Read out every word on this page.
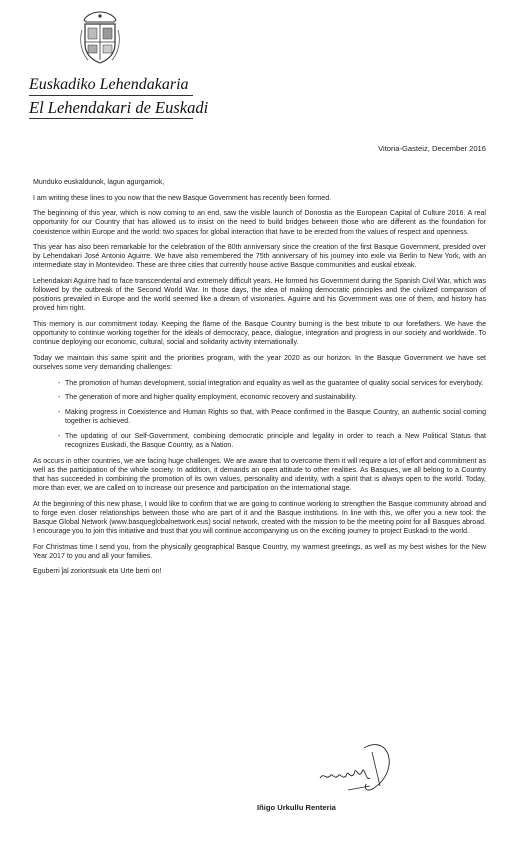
Euskadiko Lehendakaria
El Lehendakari de Euskadi
Vitoria-Gasteiz, December 2016

Munduko euskaldunok, lagun agurgarriok,

I am writing these lines to you now that the new Basque Government has recently been formed.

The beginning of this year, which is now coming to an end, saw the visible launch of Donostia as the European Capital of Culture 2016. A real opportunity for our Country that has allowed us to insist on the need to build bridges between those who are different as the foundation for coexistence within Europe and the world: two spaces for global interaction that have to be erected from the values of respect and openness.

This year has also been remarkable for the celebration of the 80th anniversary since the creation of the first Basque Government, presided over by Lehendakari José Antonio Aguirre. We have also remembered the 75th anniversary of his journey into exile via Berlin to New York, with an intermediate stay in Montevideo. These are three cities that currently house active Basque communities and euskal etxeak.

Lehendakari Aguirre had to face transcendental and extremely difficult years. He formed his Government during the Spanish Civil War, which was followed by the outbreak of the Second World War. In those days, the idea of making democratic principles and the civilized comparison of positions prevailed in Europe and the world seemed like a dream of visionaries. Aguirre and his Government was one of them, and history has proved him right.

This memory is our commitment today. Keeping the flame of the Basque Country burning is the best tribute to our forefathers. We have the opportunity to continue working together for the ideals of democracy, peace, dialogue, integration and progress in our society and worldwide. To continue deploying our economic, cultural, social and solidarity activity internationally.

Today we maintain this same spirit and the priorities program, with the year 2020 as our horizon. In the Basque Government we have set ourselves some very demanding challenges:

- The promotion of human development, social integration and equality as well as the guarantee of quality social services for everybody.
- The generation of more and higher quality employment, economic recovery and sustainability.
- Making progress in Coexistence and Human Rights so that, with Peace confirmed in the Basque Country, an authentic social coming together is achieved.
- The updating of our Self-Government, combining democratic principle and legality in order to reach a New Political Status that recognizes Euskadi, the Basque Country, as a Nation.

As occurs in other countries, we are facing huge challenges. We are aware that to overcome them it will require a lot of effort and commitment as well as the participation of the whole society. In addition, it demands an open attitude to other realities. As Basques, we all belong to a Country that has succeeded in combining the promotion of its own values, personality and identity, with a spirit that is always open to the world. Today, more than ever, we are called on to increase our presence and participation on the international stage.

At the beginning of this new phase, I would like to confirm that we are going to continue working to strengthen the Basque community abroad and to forge even closer relationships between those who are part of it and the Basque institutions. In line with this, we offer you a new tool: the Basque Global Network (www.basqueglobalnetwork.eus) social network, created with the mission to be the meeting point for all Basques abroad. I encourage you to join this initiative and trust that you will continue accompanying us on the exciting journey to project Euskadi to the world.

For Christmas time I send you, from the physically geographical Basque Country, my warmest greetings, as well as my best wishes for the New Year 2017 to you and all your families.

Eguberri ĵal zoriontsuak eta Urte berri on!

Iñigo Urkullu Renteria
